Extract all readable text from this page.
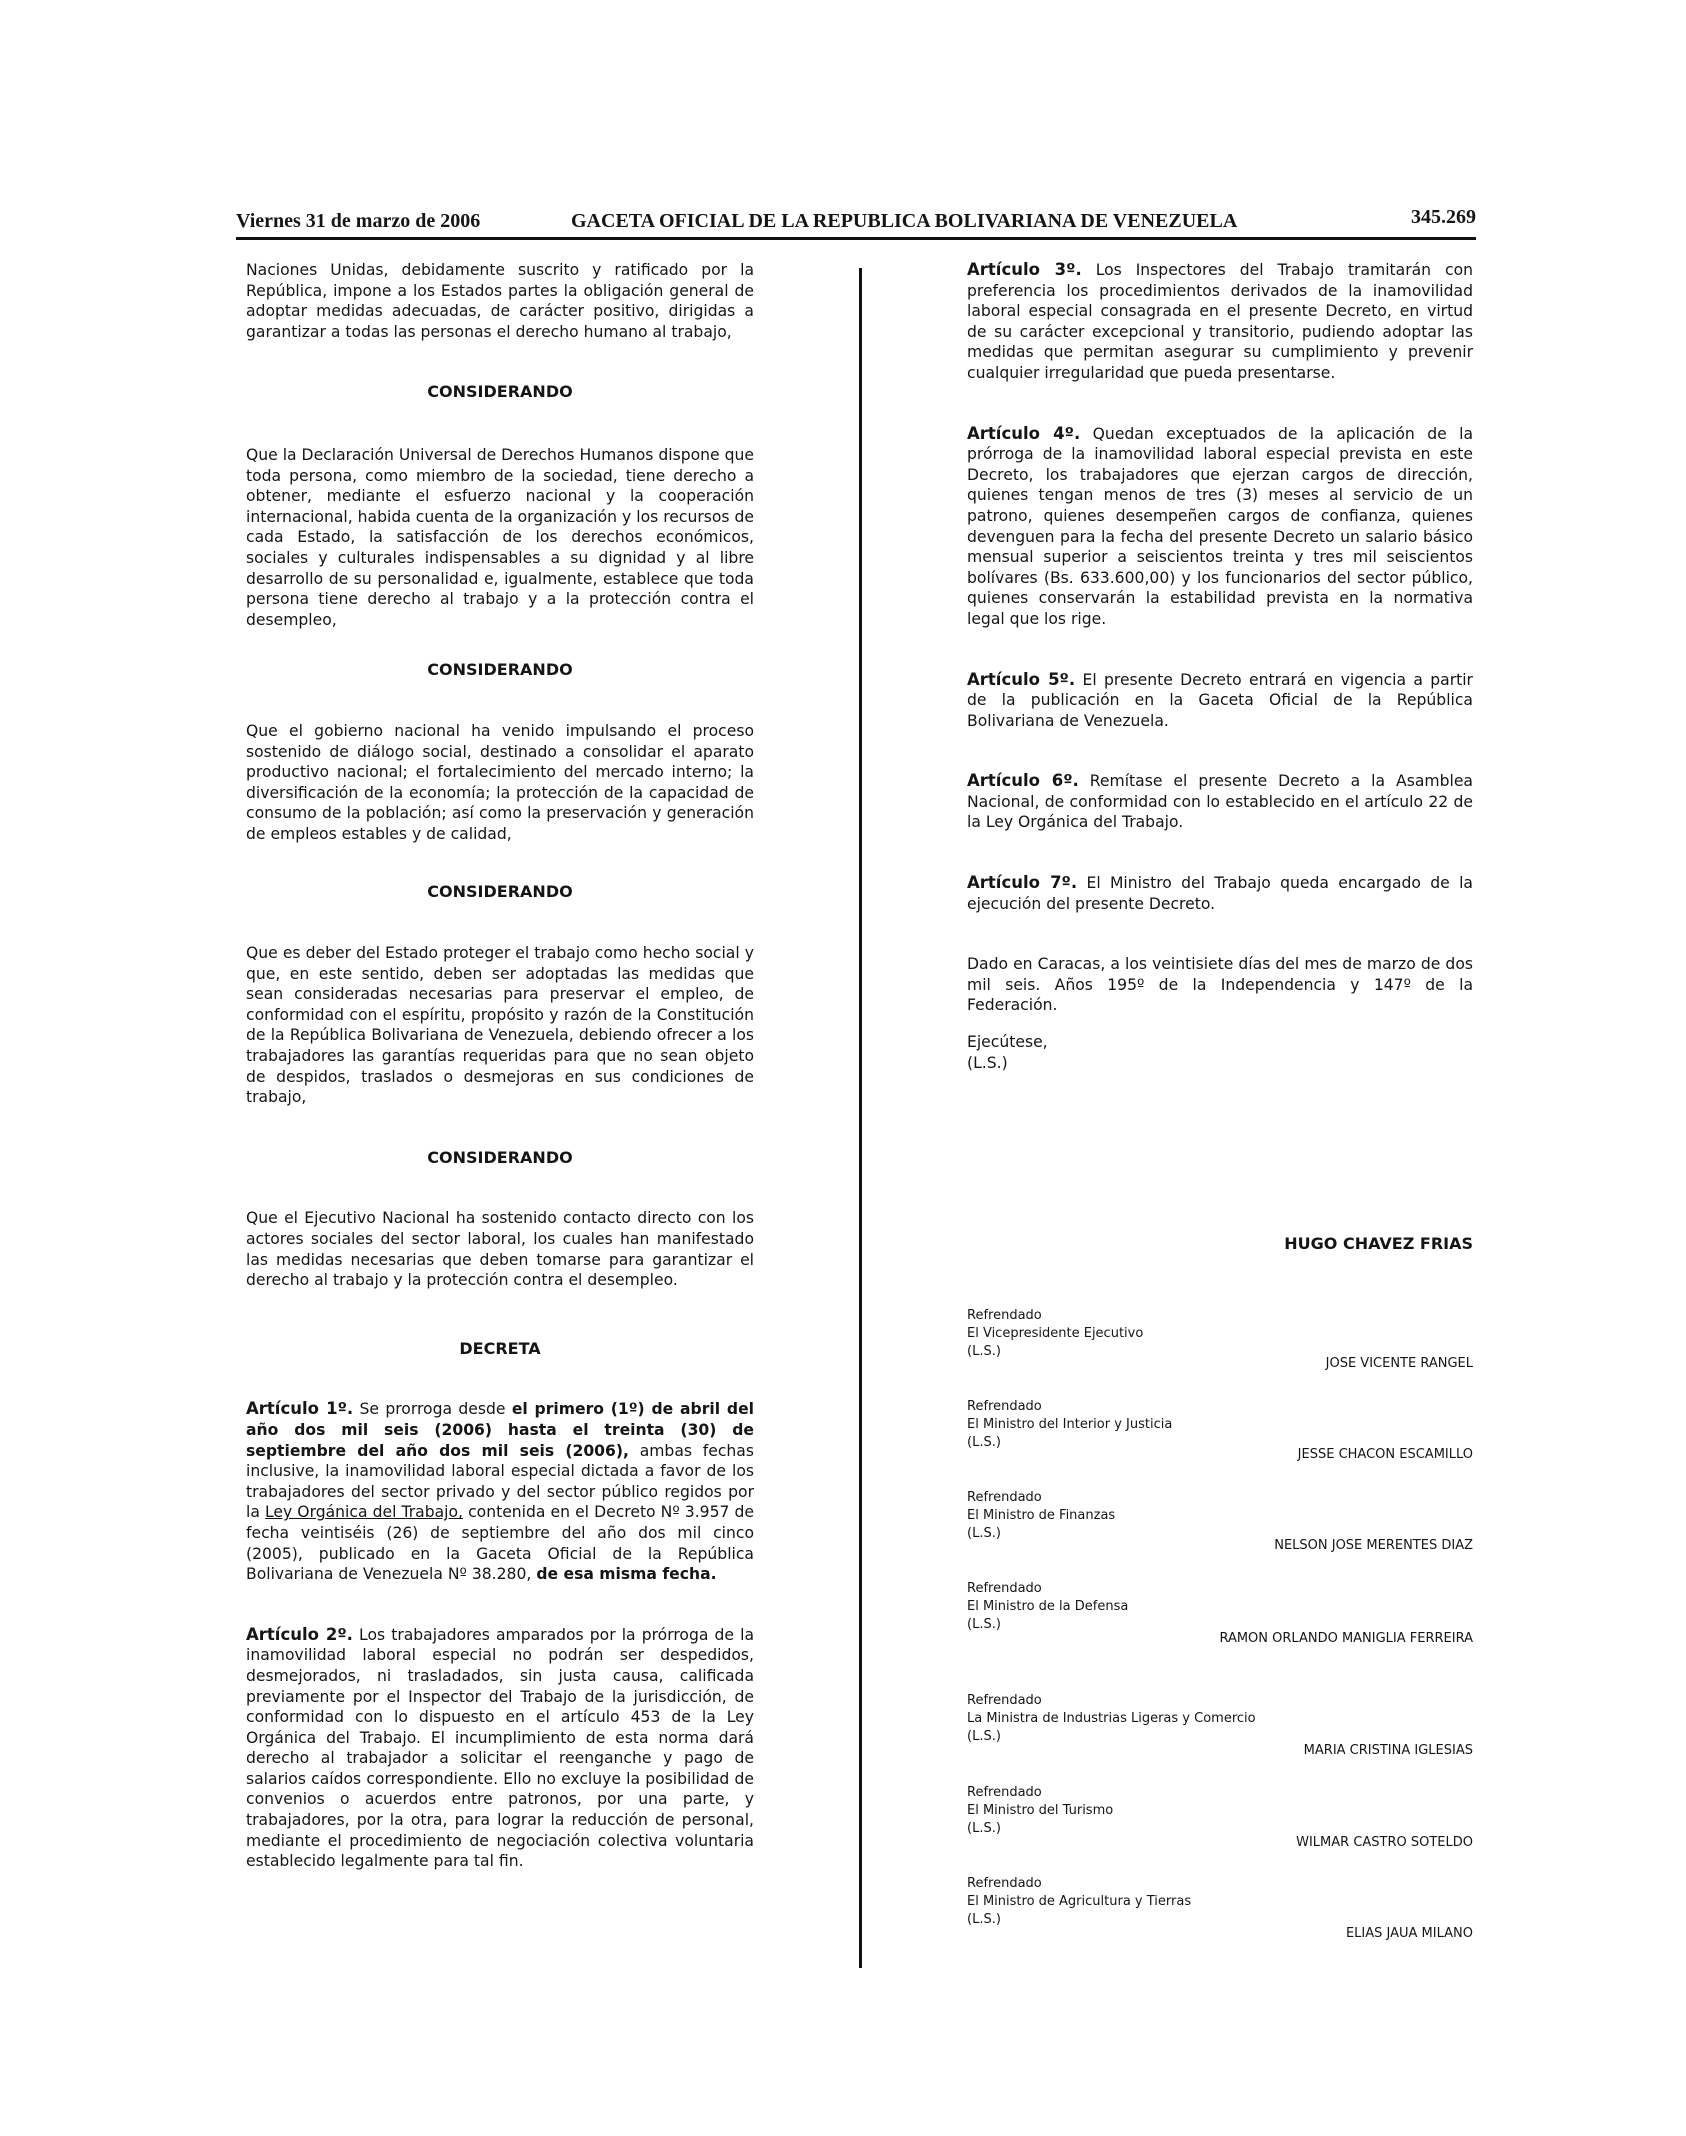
Viernes 31 de marzo de 2006	GACETA OFICIAL DE LA REPUBLICA BOLIVARIANA DE VENEZUELA	345.269

Naciones Unidas, debidamente suscrito y ratificado por la República, impone a los Estados partes la obligación general de adoptar medidas adecuadas, de carácter positivo, dirigidas a garantizar a todas las personas el derecho humano al trabajo,

CONSIDERANDO

Que la Declaración Universal de Derechos Humanos dispone que toda persona, como miembro de la sociedad, tiene derecho a obtener, mediante el esfuerzo nacional y la cooperación internacional, habida cuenta de la organización y los recursos de cada Estado, la satisfacción de los derechos económicos, sociales y culturales indispensables a su dignidad y al libre desarrollo de su personalidad e, igualmente, establece que toda persona tiene derecho al trabajo y a la protección contra el desempleo,

CONSIDERANDO

Que el gobierno nacional ha venido impulsando el proceso sostenido de diálogo social, destinado a consolidar el aparato productivo nacional; el fortalecimiento del mercado interno; la diversificación de la economía; la protección de la capacidad de consumo de la población; así como la preservación y generación de empleos estables y de calidad,

CONSIDERANDO

Que es deber del Estado proteger el trabajo como hecho social y que, en este sentido, deben ser adoptadas las medidas que sean consideradas necesarias para preservar el empleo, de conformidad con el espíritu, propósito y razón de la Constitución de la República Bolivariana de Venezuela, debiendo ofrecer a los trabajadores las garantías requeridas para que no sean objeto de despidos, traslados o desmejoras en sus condiciones de trabajo,

CONSIDERANDO

Que el Ejecutivo Nacional ha sostenido contacto directo con los actores sociales del sector laboral, los cuales han manifestado las medidas necesarias que deben tomarse para garantizar el derecho al trabajo y la protección contra el desempleo.

DECRETA

Artículo 1º. Se prorroga desde el primero (1º) de abril del año dos mil seis (2006) hasta el treinta (30) de septiembre del año dos mil seis (2006), ambas fechas inclusive, la inamovilidad laboral especial dictada a favor de los trabajadores del sector privado y del sector público regidos por la Ley Orgánica del Trabajo, contenida en el Decreto Nº 3.957 de fecha veintiséis (26) de septiembre del año dos mil cinco (2005), publicado en la Gaceta Oficial de la República Bolivariana de Venezuela Nº 38.280, de esa misma fecha.

Artículo 2º. Los trabajadores amparados por la prórroga de la inamovilidad laboral especial no podrán ser despedidos, desmejorados, ni trasladados, sin justa causa, calificada previamente por el Inspector del Trabajo de la jurisdicción, de conformidad con lo dispuesto en el artículo 453 de la Ley Orgánica del Trabajo. El incumplimiento de esta norma dará derecho al trabajador a solicitar el reenganche y pago de salarios caídos correspondiente. Ello no excluye la posibilidad de convenios o acuerdos entre patronos, por una parte, y trabajadores, por la otra, para lograr la reducción de personal, mediante el procedimiento de negociación colectiva voluntaria establecido legalmente para tal fin.

Artículo 3º. Los Inspectores del Trabajo tramitarán con preferencia los procedimientos derivados de la inamovilidad laboral especial consagrada en el presente Decreto, en virtud de su carácter excepcional y transitorio, pudiendo adoptar las medidas que permitan asegurar su cumplimiento y prevenir cualquier irregularidad que pueda presentarse.

Artículo 4º. Quedan exceptuados de la aplicación de la prórroga de la inamovilidad laboral especial prevista en este Decreto, los trabajadores que ejerzan cargos de dirección, quienes tengan menos de tres (3) meses al servicio de un patrono, quienes desempeñen cargos de confianza, quienes devenguen para la fecha del presente Decreto un salario básico mensual superior a seiscientos treinta y tres mil seiscientos bolívares (Bs. 633.600,00) y los funcionarios del sector público, quienes conservarán la estabilidad prevista en la normativa legal que los rige.

Artículo 5º. El presente Decreto entrará en vigencia a partir de la publicación en la Gaceta Oficial de la República Bolivariana de Venezuela.

Artículo 6º. Remítase el presente Decreto a la Asamblea Nacional, de conformidad con lo establecido en el artículo 22 de la Ley Orgánica del Trabajo.

Artículo 7º. El Ministro del Trabajo queda encargado de la ejecución del presente Decreto.

Dado en Caracas, a los veintisiete días del mes de marzo de dos mil seis. Años 195º de la Independencia y 147º de la Federación.

Ejecútese,

(L.S.)

HUGO CHAVEZ FRIAS
Refrendado
El Vicepresidente Ejecutivo
(L.S.)
JOSE VICENTE RANGEL
Refrendado
El Ministro del Interior y Justicia
(L.S.)
JESSE CHACON ESCAMILLO
Refrendado
El Ministro de Finanzas
(L.S.)
NELSON JOSE MERENTES DIAZ
Refrendado
El Ministro de la Defensa
(L.S.)
RAMON ORLANDO MANIGLIA FERREIRA
Refrendado
La Ministra de Industrias Ligeras y Comercio
(L.S.)
MARIA CRISTINA IGLESIAS
Refrendado
El Ministro del Turismo
(L.S.)
WILMAR CASTRO SOTELDO
Refrendado
El Ministro de Agricultura y Tierras
(L.S.)
ELIAS JAUA MILANO
